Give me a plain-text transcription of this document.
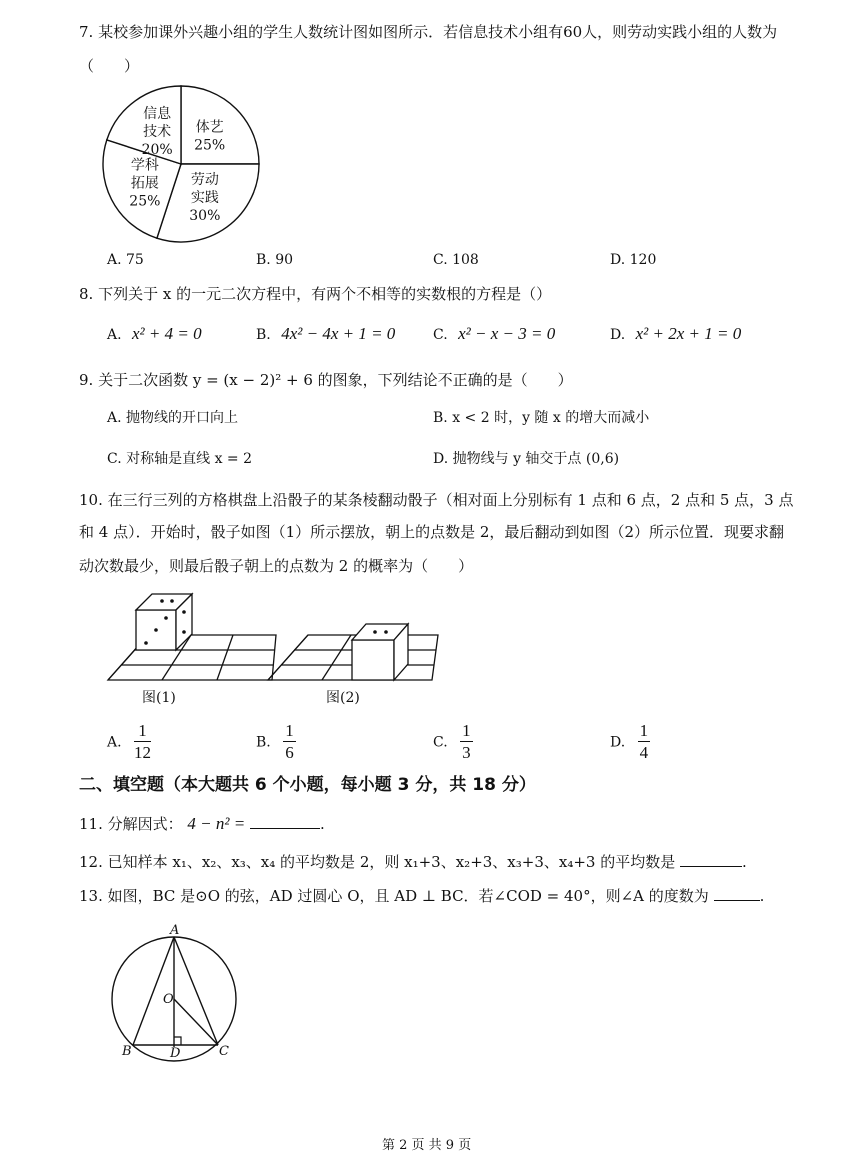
7. 某校参加课外兴趣小组的学生人数统计图如图所示．若信息技术小组有60人，则劳动实践小组的人数为
（　　）
体艺
25%
劳动
实践
30%
学科
拓展
25%
信息
技术
20%
A. 75	B. 90	C. 108	D. 120
8. 下列关于 x 的一元二次方程中，有两个不相等的实数根的方程是（）
A. x² + 4 = 0	B. 4x² − 4x + 1 = 0	C. x² − x − 3 = 0	D. x² + 2x + 1 = 0
9. 关于二次函数 y = (x − 2)² + 6 的图象，下列结论不正确的是（　　）
A. 抛物线的开口向上	B. x < 2 时，y 随 x 的增大而减小
C. 对称轴是直线 x = 2	D. 抛物线与 y 轴交于点 (0,6)
10. 在三行三列的方格棋盘上沿骰子的某条棱翻动骰子（相对面上分别标有 1 点和 6 点，2 点和 5 点，3 点
和 4 点）．开始时，骰子如图（1）所示摆放，朝上的点数是 2，最后翻动到如图（2）所示位置．现要求翻
动次数最少，则最后骰子朝上的点数为 2 的概率为（　　）
图(1)	图(2)
A. $\frac{1}{12}$	B. $\frac{1}{6}$	C. $\frac{1}{3}$	D. $\frac{1}{4}$
二、填空题（本大题共 6 个小题，每小题 3 分，共 18 分）
11. 分解因式： 4 − n² =	.
12. 已知样本 x₁、x₂、x₃、x₄ 的平均数是 2，则 x₁+3、x₂+3、x₃+3、x₄+3 的平均数是	.
13. 如图，BC 是⊙O 的弦，AD 过圆心 O，且 AD ⊥ BC．若∠COD = 40°，则∠A 的度数为	.
A
O
B	D	C
第 2 页 共 9 页
